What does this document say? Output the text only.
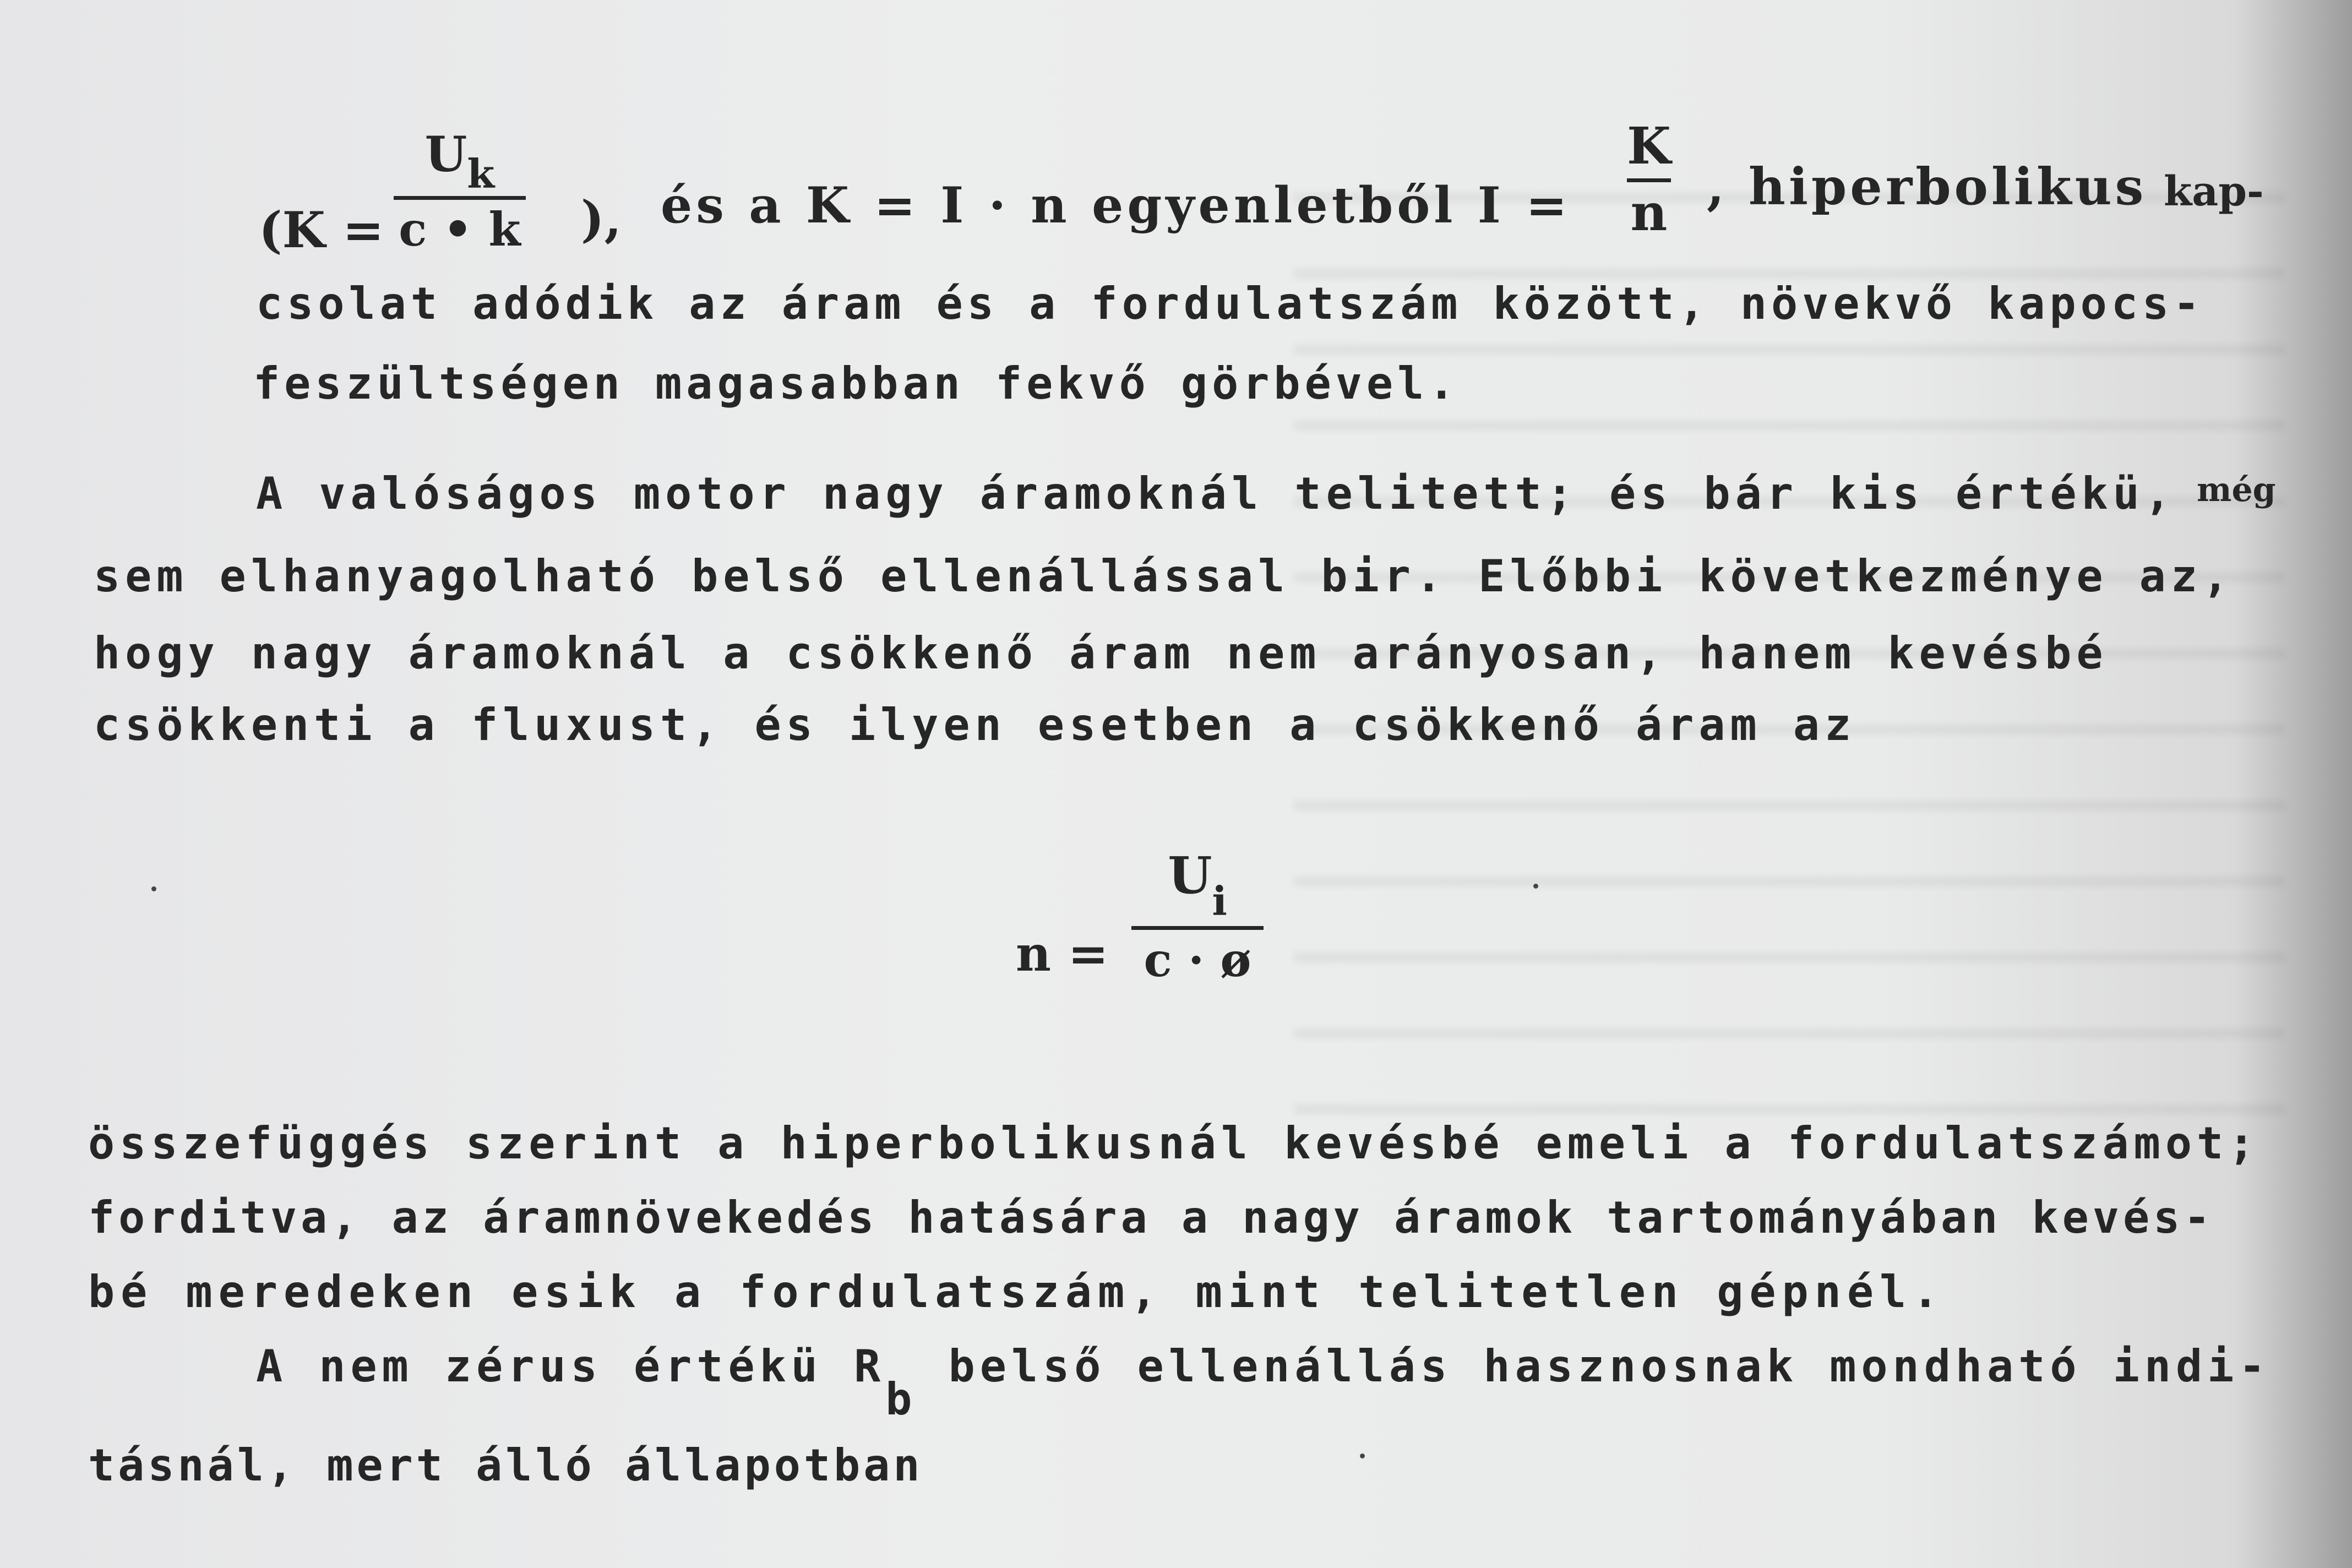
(K =
$U_k$
c • k ), és a K = I · n egyenletből I =
K
n , hiperbolikus kap-
csolat adódik az áram és a fordulatszám között, növekvő kapocs-
feszültségen magasabban fekvő görbével.
A valóságos motor nagy áramoknál telitett; és bár kis értékü, még
sem elhanyagolható belső ellenállással bir. Előbbi következménye az,
hogy nagy áramoknál a csökkenő áram nem arányosan, hanem kevésbé
csökkenti a fluxust, és ilyen esetben a csökkenő áram az
n =
$U_i$
c · ø
összefüggés szerint a hiperbolikusnál kevésbé emeli a fordulatszámot;
forditva, az áramnövekedés hatására a nagy áramok tartományában kevés-
bé meredeken esik a fordulatszám, mint telitetlen gépnél.
A nem zérus értékü Rb belső ellenállás hasznosnak mondható indi-
tásnál, mert álló állapotban
